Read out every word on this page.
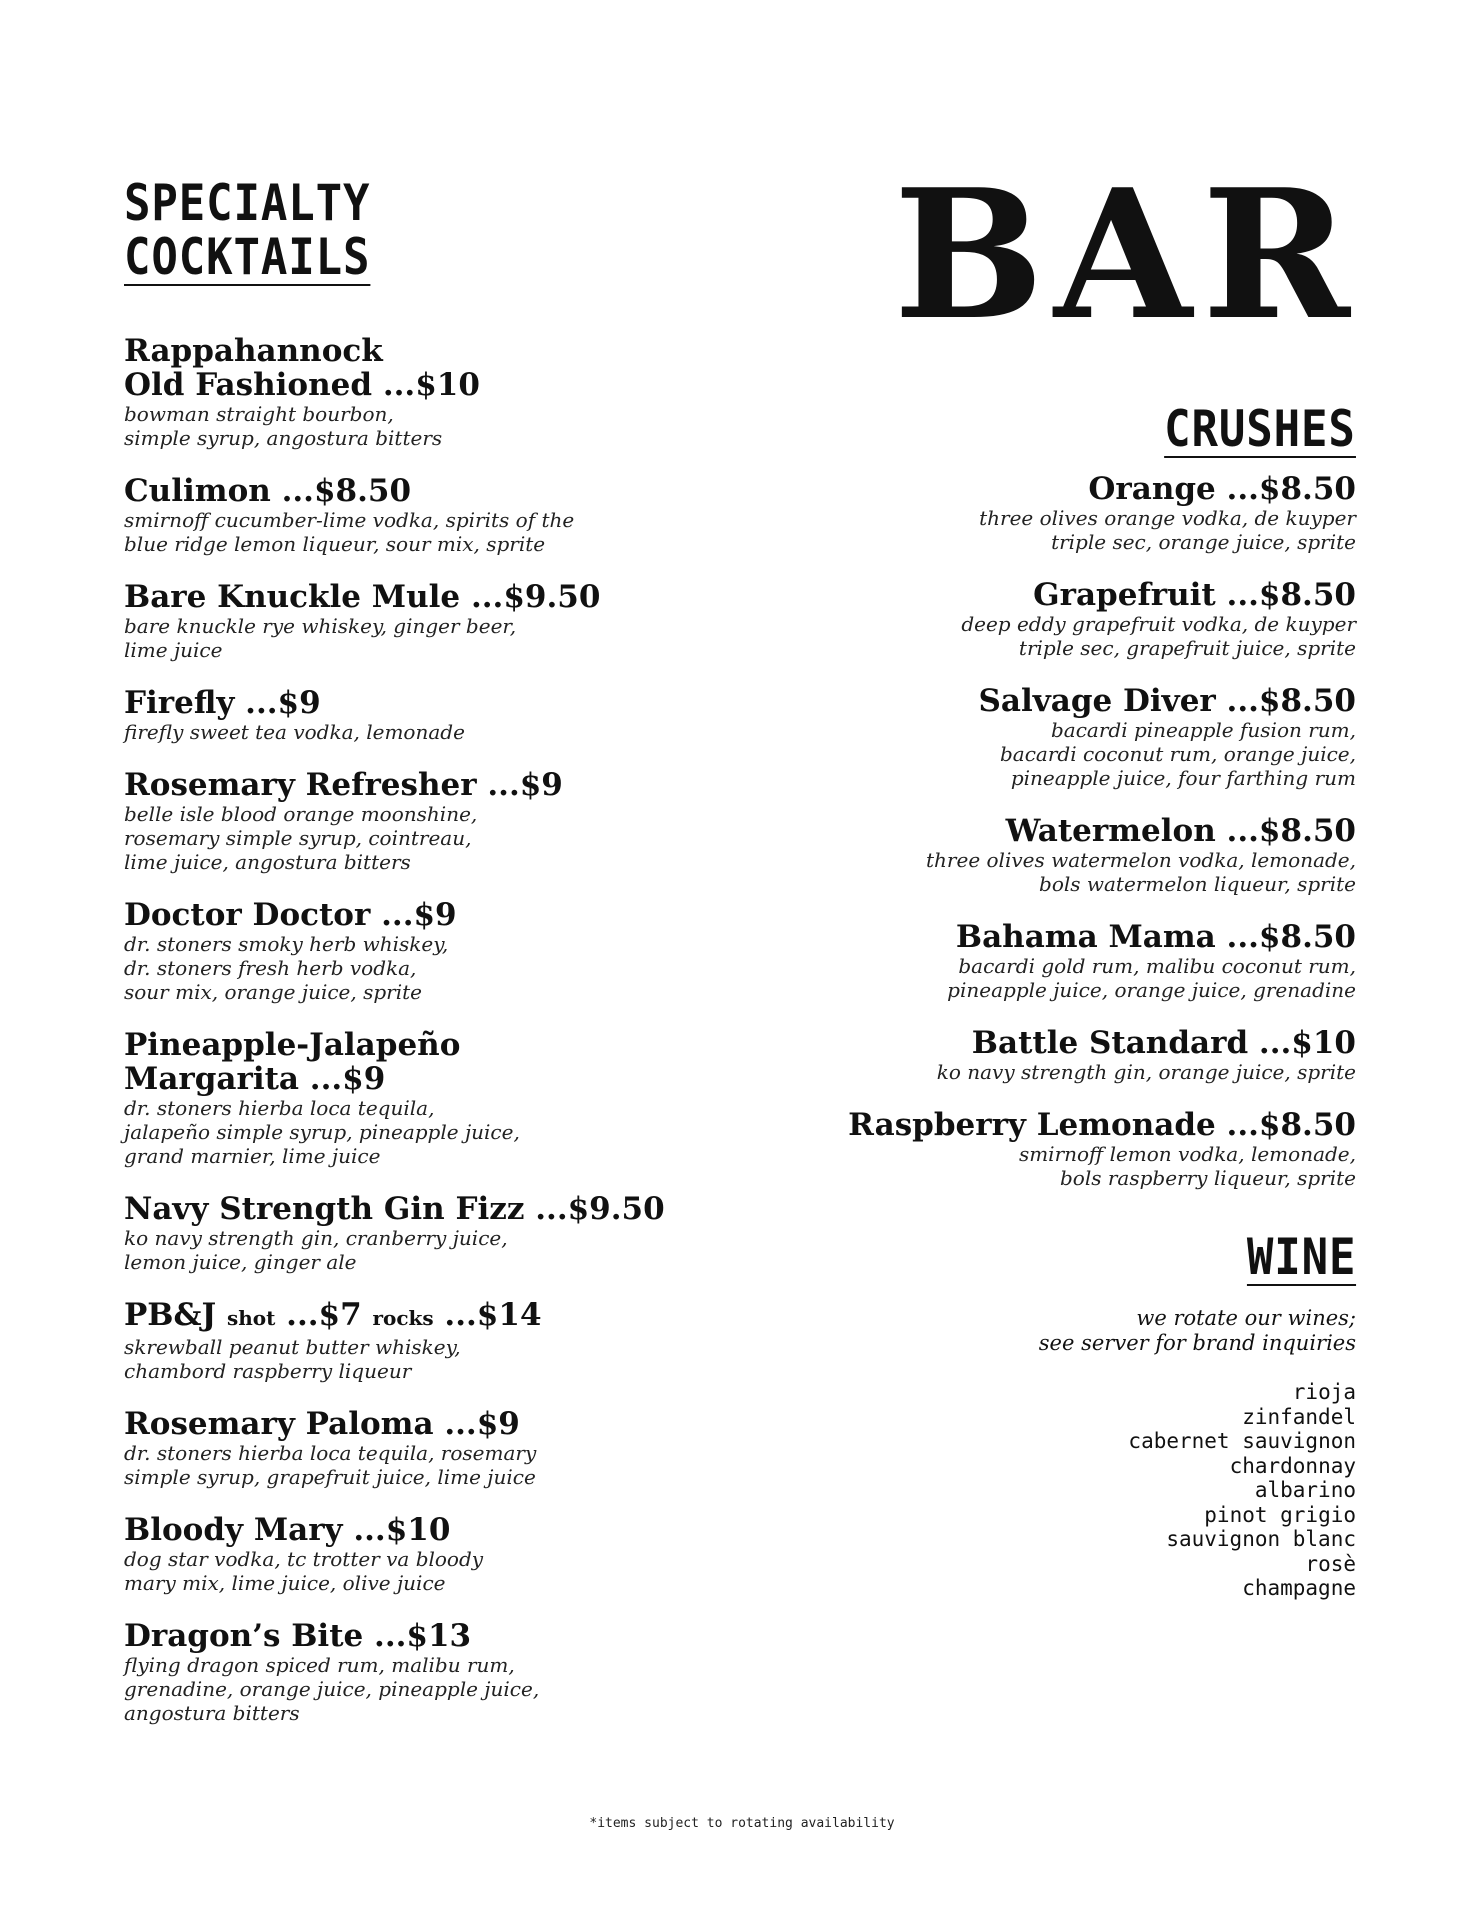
SPECIALTY
COCKTAILS
Rappahannock
Old Fashioned ...$10
bowman straight bourbon,
simple syrup, angostura bitters
Culimon ...$8.50
smirnoff cucumber-lime vodka, spirits of the
blue ridge lemon liqueur, sour mix, sprite
Bare Knuckle Mule ...$9.50
bare knuckle rye whiskey, ginger beer,
lime juice
Firefly ...$9
firefly sweet tea vodka, lemonade
Rosemary Refresher ...$9
belle isle blood orange moonshine,
rosemary simple syrup, cointreau,
lime juice, angostura bitters
Doctor Doctor ...$9
dr. stoners smoky herb whiskey,
dr. stoners fresh herb vodka,
sour mix, orange juice, sprite
Pineapple-Jalapeño
Margarita ...$9
dr. stoners hierba loca tequila,
jalapeño simple syrup, pineapple juice,
grand marnier, lime juice
Navy Strength Gin Fizz ...$9.50
ko navy strength gin, cranberry juice,
lemon juice, ginger ale
PB&J shot ...$7 rocks ...$14
skrewball peanut butter whiskey,
chambord raspberry liqueur
Rosemary Paloma ...$9
dr. stoners hierba loca tequila, rosemary
simple syrup, grapefruit juice, lime juice
Bloody Mary ...$10
dog star vodka, tc trotter va bloody
mary mix, lime juice, olive juice
Dragon’s Bite ...$13
flying dragon spiced rum, malibu rum,
grenadine, orange juice, pineapple juice,
angostura bitters
BAR
CRUSHES
Orange ...$8.50
three olives orange vodka, de kuyper
triple sec, orange juice, sprite
Grapefruit ...$8.50
deep eddy grapefruit vodka, de kuyper
triple sec, grapefruit juice, sprite
Salvage Diver ...$8.50
bacardi pineapple fusion rum,
bacardi coconut rum, orange juice,
pineapple juice, four farthing rum
Watermelon ...$8.50
three olives watermelon vodka, lemonade,
bols watermelon liqueur, sprite
Bahama Mama ...$8.50
bacardi gold rum, malibu coconut rum,
pineapple juice, orange juice, grenadine
Battle Standard ...$10
ko navy strength gin, orange juice, sprite
Raspberry Lemonade ...$8.50
smirnoff lemon vodka, lemonade,
bols raspberry liqueur, sprite
WINE
we rotate our wines;
see server for brand inquiries
rioja
zinfandel
cabernet sauvignon
chardonnay
albarino
pinot grigio
sauvignon blanc
rosè
champagne
*items subject to rotating availability
